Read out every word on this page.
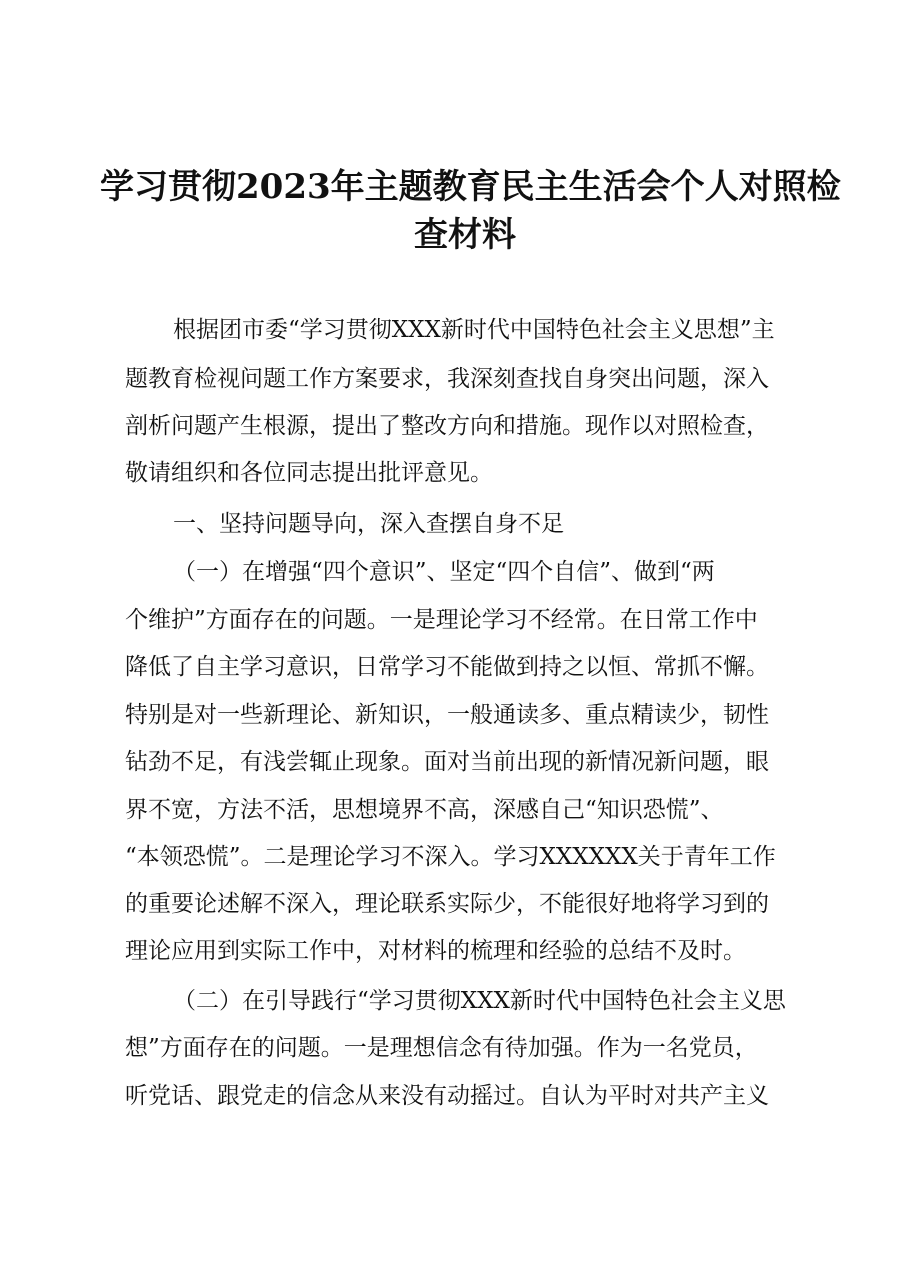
学习贯彻2023年主题教育民主生活会个人对照检
查材料
根据团市委“学习贯彻XXX新时代中国特色社会主义思想”主
题教育检视问题工作方案要求，我深刻查找自身突出问题，深入
剖析问题产生根源，提出了整改方向和措施。现作以对照检查，
敬请组织和各位同志提出批评意见。
一、坚持问题导向，深入查摆自身不足
（一）在增强“四个意识”、坚定“四个自信”、做到“两
个维护”方面存在的问题。一是理论学习不经常。在日常工作中
降低了自主学习意识，日常学习不能做到持之以恒、常抓不懈。
特别是对一些新理论、新知识，一般通读多、重点精读少，韧性
钻劲不足，有浅尝辄止现象。面对当前出现的新情况新问题，眼
界不宽，方法不活，思想境界不高，深感自己“知识恐慌”、
“本领恐慌”。二是理论学习不深入。学习XXXXXX关于青年工作
的重要论述解不深入，理论联系实际少，不能很好地将学习到的
理论应用到实际工作中，对材料的梳理和经验的总结不及时。
（二）在引导践行“学习贯彻XXX新时代中国特色社会主义思
想”方面存在的问题。一是理想信念有待加强。作为一名党员，
听党话、跟党走的信念从来没有动摇过。自认为平时对共产主义
